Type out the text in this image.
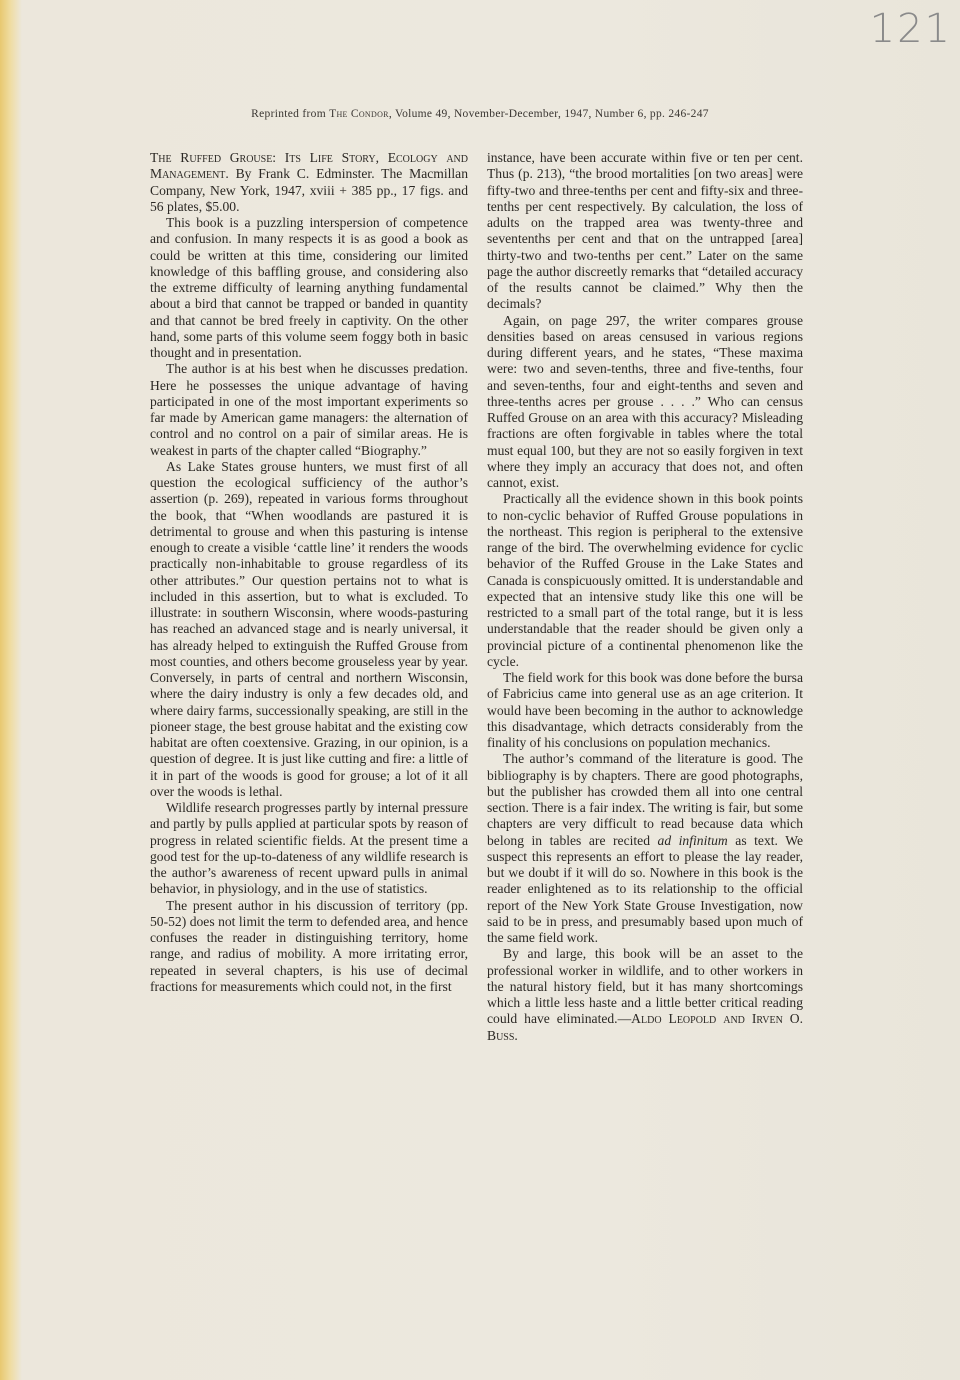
121
Reprinted from The Condor, Volume 49, November-December, 1947, Number 6, pp. 246-247

The Ruffed Grouse: Its Life Story, Ecology and Management. By Frank C. Edminster. The Macmillan Company, New York, 1947, xviii + 385 pp., 17 figs. and 56 plates, $5.00.

This book is a puzzling interspersion of competence and confusion. In many respects it is as good a book as could be written at this time, considering our limited knowledge of this baffling grouse, and considering also the extreme difficulty of learning anything fundamental about a bird that cannot be trapped or banded in quantity and that cannot be bred freely in captivity. On the other hand, some parts of this volume seem foggy both in basic thought and in presentation.

The author is at his best when he discusses predation. Here he possesses the unique advantage of having participated in one of the most important experiments so far made by American game managers: the alternation of control and no control on a pair of similar areas. He is weakest in parts of the chapter called “Biography.”

As Lake States grouse hunters, we must first of all question the ecological sufficiency of the author’s assertion (p. 269), repeated in various forms throughout the book, that “When woodlands are pastured it is detrimental to grouse and when this pasturing is intense enough to create a visible ‘cattle line’ it renders the woods practically non-inhabitable to grouse regardless of its other attributes.” Our question pertains not to what is included in this assertion, but to what is excluded. To illustrate: in southern Wisconsin, where woods-pasturing has reached an advanced stage and is nearly universal, it has already helped to extinguish the Ruffed Grouse from most counties, and others become grouseless year by year. Conversely, in parts of central and northern Wisconsin, where the dairy industry is only a few decades old, and where dairy farms, successionally speaking, are still in the pioneer stage, the best grouse habitat and the existing cow habitat are often coextensive. Grazing, in our opinion, is a question of degree. It is just like cutting and fire: a little of it in part of the woods is good for grouse; a lot of it all over the woods is lethal.

Wildlife research progresses partly by internal pressure and partly by pulls applied at particular spots by reason of progress in related scientific fields. At the present time a good test for the up-to-dateness of any wildlife research is the author’s awareness of recent upward pulls in animal behavior, in physiology, and in the use of statistics.

The present author in his discussion of territory (pp. 50-52) does not limit the term to defended area, and hence confuses the reader in distinguishing territory, home range, and radius of mobility. A more irritating error, repeated in several chapters, is his use of decimal fractions for measurements which could not, in the first

instance, have been accurate within five or ten per cent. Thus (p. 213), “the brood mortalities [on two areas] were fifty-two and three-tenths per cent and fifty-six and three-tenths per cent respectively. By calculation, the loss of adults on the trapped area was twenty-three and seventenths per cent and that on the untrapped [area] thirty-two and two-tenths per cent.” Later on the same page the author discreetly remarks that “detailed accuracy of the results cannot be claimed.” Why then the decimals?

Again, on page 297, the writer compares grouse densities based on areas censused in various regions during different years, and he states, “These maxima were: two and seven-tenths, three and five-tenths, four and seven-tenths, four and eight-tenths and seven and three-tenths acres per grouse . . . .” Who can census Ruffed Grouse on an area with this accuracy? Misleading fractions are often forgivable in tables where the total must equal 100, but they are not so easily forgiven in text where they imply an accuracy that does not, and often cannot, exist.

Practically all the evidence shown in this book points to non-cyclic behavior of Ruffed Grouse populations in the northeast. This region is peripheral to the extensive range of the bird. The overwhelming evidence for cyclic behavior of the Ruffed Grouse in the Lake States and Canada is conspicuously omitted. It is understandable and expected that an intensive study like this one will be restricted to a small part of the total range, but it is less understandable that the reader should be given only a provincial picture of a continental phenomenon like the cycle.

The field work for this book was done before the bursa of Fabricius came into general use as an age criterion. It would have been becoming in the author to acknowledge this disadvantage, which detracts considerably from the finality of his conclusions on population mechanics.

The author’s command of the literature is good. The bibliography is by chapters. There are good photographs, but the publisher has crowded them all into one central section. There is a fair index. The writing is fair, but some chapters are very difficult to read because data which belong in tables are recited ad infinitum as text. We suspect this represents an effort to please the lay reader, but we doubt if it will do so. Nowhere in this book is the reader enlightened as to its relationship to the official report of the New York State Grouse Investigation, now said to be in press, and presumably based upon much of the same field work.

By and large, this book will be an asset to the professional worker in wildlife, and to other workers in the natural history field, but it has many shortcomings which a little less haste and a little better critical reading could have eliminated.—Aldo Leopold and Irven O. Buss.
